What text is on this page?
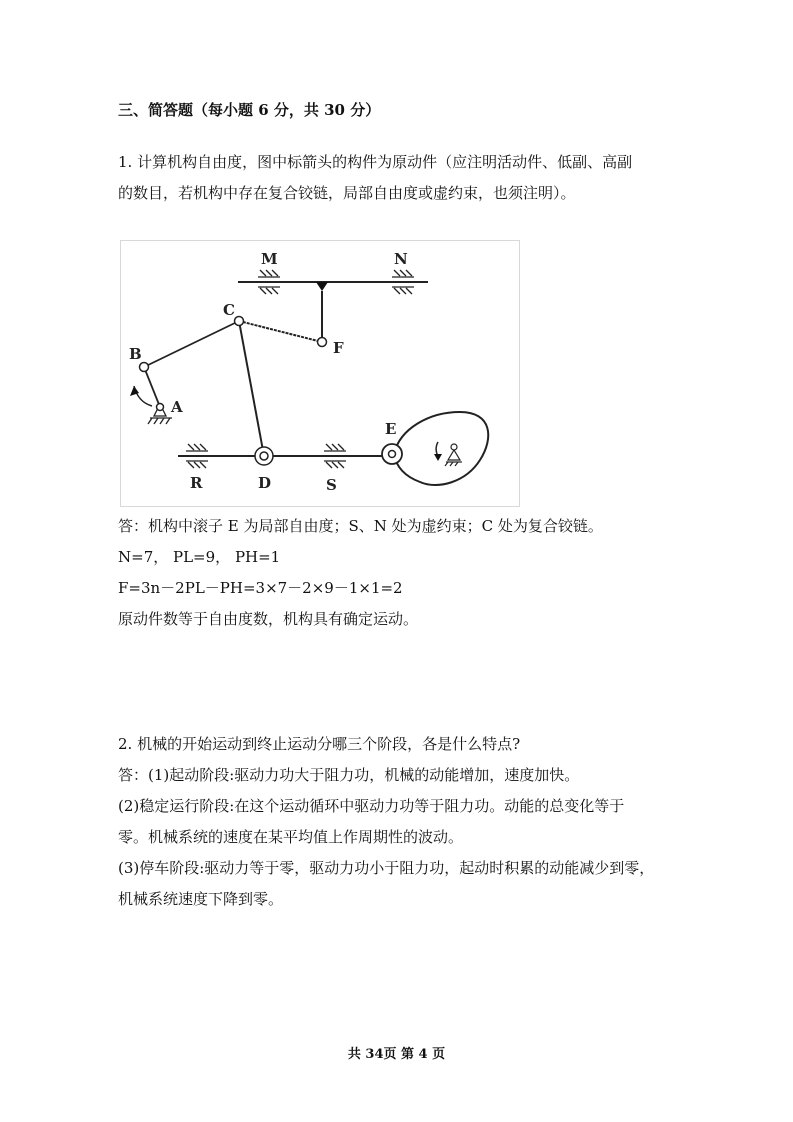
三、简答题（每小题 6 分，共 30 分）
1. 计算机构自由度，图中标箭头的构件为原动件（应注明活动件、低副、高副
的数目，若机构中存在复合铰链，局部自由度或虚约束，也须注明）。
M	N
C
F
B
A
E
R	D	S
答：机构中滚子 E 为局部自由度；S、N 处为虚约束；C 处为复合铰链。
N=7， PL=9， PH=1
F=3n－2PL－PH=3×7－2×9－1×1=2
原动件数等于自由度数，机构具有确定运动。
2. 机械的开始运动到终止运动分哪三个阶段，各是什么特点?
答：(1)起动阶段:驱动力功大于阻力功，机械的动能增加，速度加快。
(2)稳定运行阶段:在这个运动循环中驱动力功等于阻力功。动能的总变化等于
零。机械系统的速度在某平均值上作周期性的波动。
(3)停车阶段:驱动力等于零，驱动力功小于阻力功，起动时积累的动能减少到零，
机械系统速度下降到零。
共 34页 第 4 页
